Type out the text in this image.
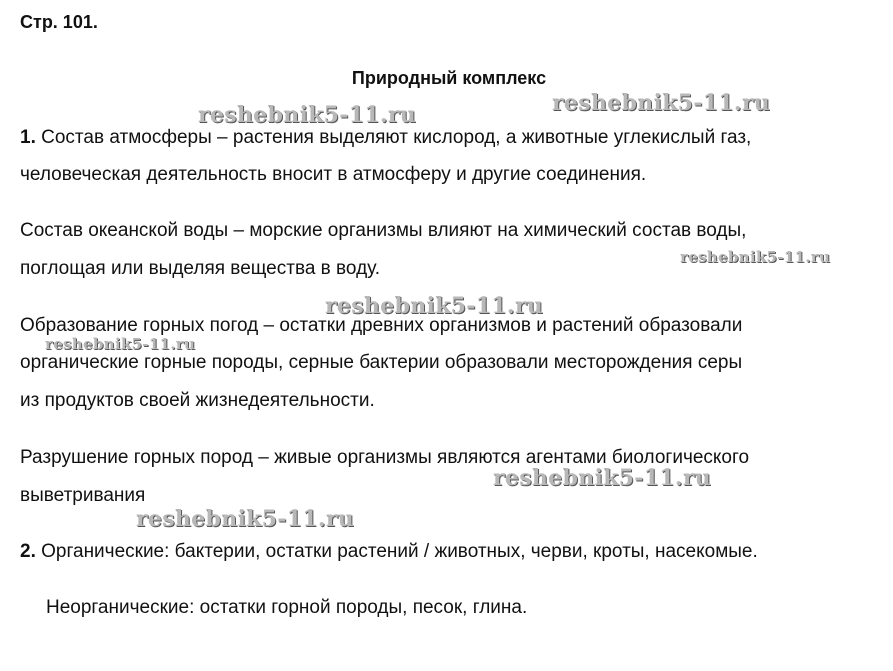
Стр. 101.

Природный комплекс

1. Состав атмосферы – растения выделяют кислород, а животные углекислый газ,

человеческая деятельность вносит в атмосферу и другие соединения.

Состав океанской воды – морские организмы влияют на химический состав воды,

поглощая или выделяя вещества в воду.

Образование горных погод – остатки древних организмов и растений образовали

органические горные породы, серные бактерии образовали месторождения серы

из продуктов своей жизнедеятельности.

Разрушение горных пород – живые организмы являются агентами биологического

выветривания

2. Органические: бактерии, остатки растений / животных, черви, кроты, насекомые.

Неорганические: остатки горной породы, песок, глина.

reshebnik5-11.ru	reshebnik5-11.ru
reshebnik5-11.ru
reshebnik5-11.ru
reshebnik5-11.ru
reshebnik5-11.ru
reshebnik5-11.ru
